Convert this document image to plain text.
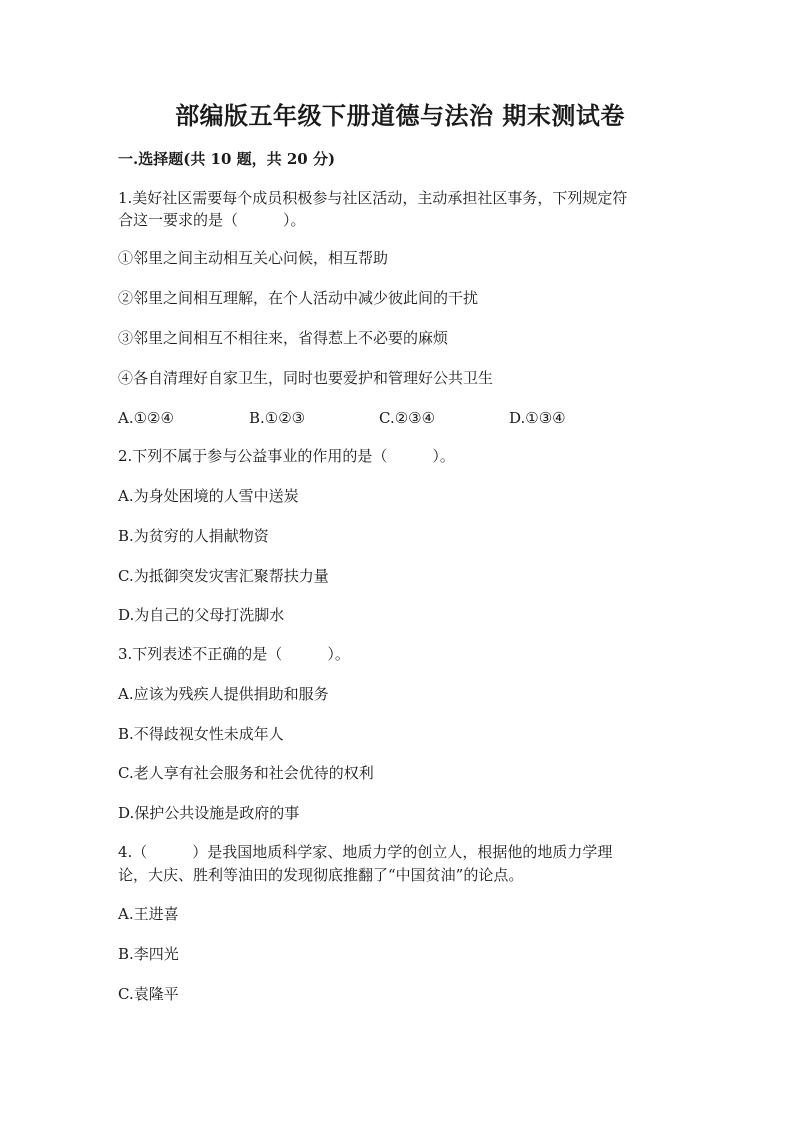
部编版五年级下册道德与法治 期末测试卷
一.选择题(共 10 题，共 20 分)
1.美好社区需要每个成员积极参与社区活动，主动承担社区事务，下列规定符
合这一要求的是（　　　）。
①邻里之间主动相互关心问候，相互帮助
②邻里之间相互理解，在个人活动中减少彼此间的干扰
③邻里之间相互不相往来，省得惹上不必要的麻烦
④各自清理好自家卫生，同时也要爱护和管理好公共卫生
A.①②④	B.①②③	C.②③④	D.①③④
2.下列不属于参与公益事业的作用的是（　　　）。
A.为身处困境的人雪中送炭
B.为贫穷的人捐献物资
C.为抵御突发灾害汇聚帮扶力量
D.为自己的父母打洗脚水
3.下列表述不正确的是（　　　）。
A.应该为残疾人提供捐助和服务
B.不得歧视女性未成年人
C.老人享有社会服务和社会优待的权利
D.保护公共设施是政府的事
4.（　　　）是我国地质科学家、地质力学的创立人，根据他的地质力学理
论，大庆、胜利等油田的发现彻底推翻了“中国贫油”的论点。
A.王进喜
B.李四光
C.袁隆平
